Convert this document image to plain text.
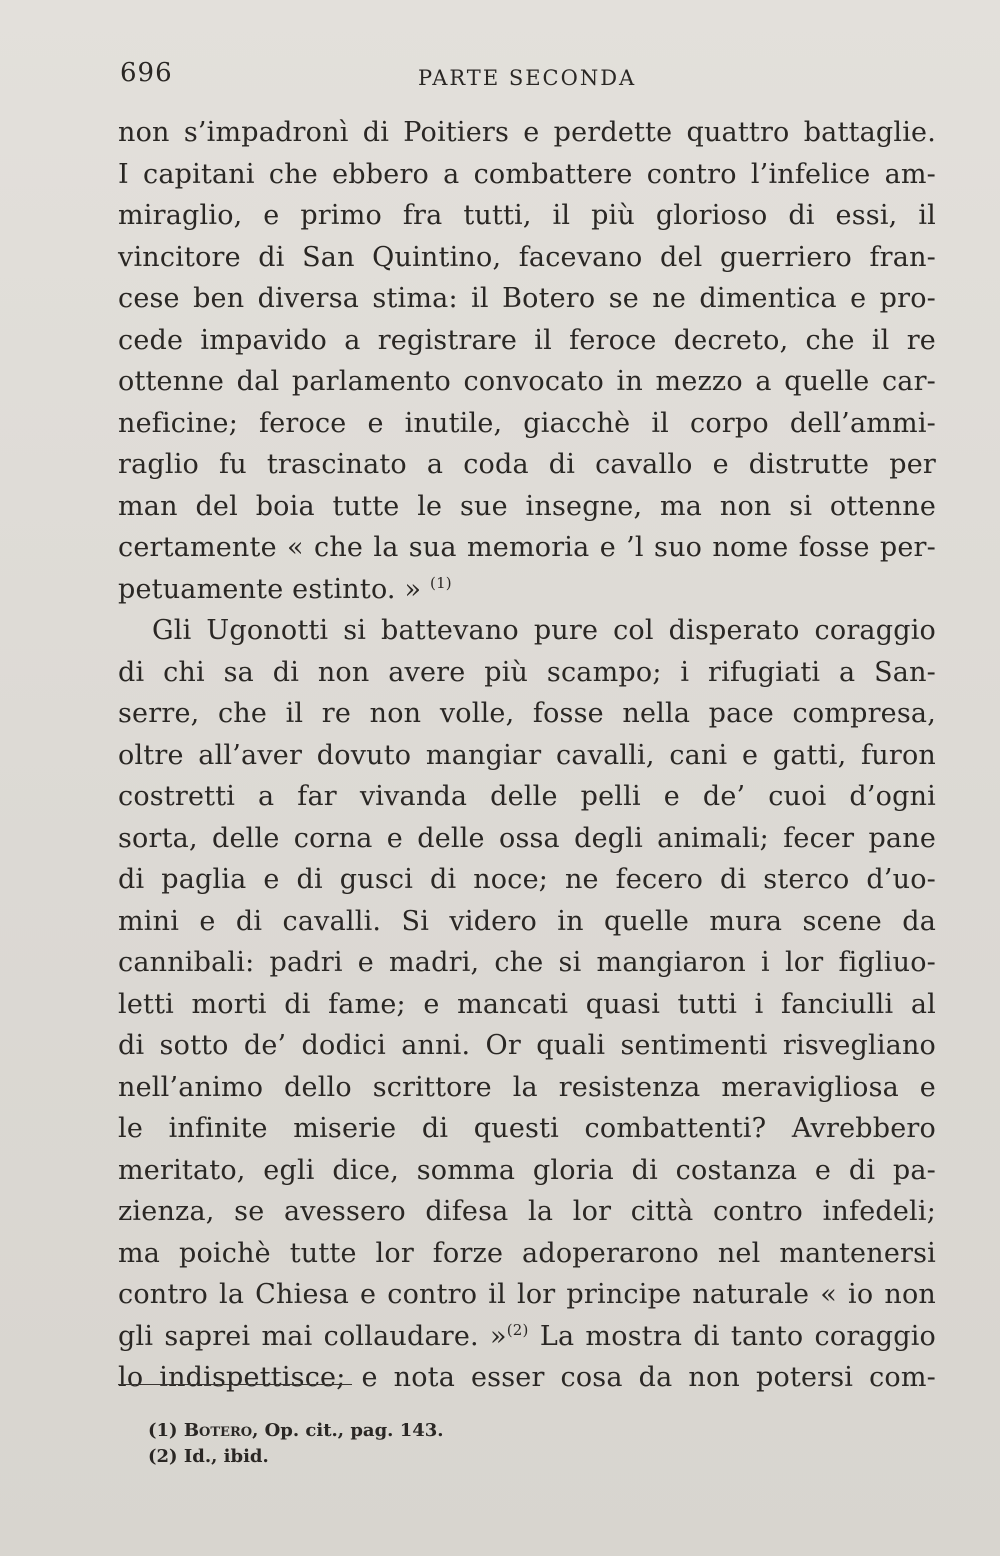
696	PARTE SECONDA
non s’impadronì di Poitiers e perdette quattro battaglie.
I capitani che ebbero a combattere contro l’infelice am-
miraglio, e primo fra tutti, il più glorioso di essi, il
vincitore di San Quintino, facevano del guerriero fran-
cese ben diversa stima: il Botero se ne dimentica e pro-
cede impavido a registrare il feroce decreto, che il re
ottenne dal parlamento convocato in mezzo a quelle car-
neficine; feroce e inutile, giacchè il corpo dell’ammi-
raglio fu trascinato a coda di cavallo e distrutte per
man del boia tutte le sue insegne, ma non si ottenne
certamente « che la sua memoria e ’l suo nome fosse per-
petuamente estinto. » $^{(1)}$
Gli Ugonotti si battevano pure col disperato coraggio
di chi sa di non avere più scampo; i rifugiati a San-
serre, che il re non volle, fosse nella pace compresa,
oltre all’aver dovuto mangiar cavalli, cani e gatti, furon
costretti a far vivanda delle pelli e de’ cuoi d’ogni
sorta, delle corna e delle ossa degli animali; fecer pane
di paglia e di gusci di noce; ne fecero di sterco d’uo-
mini e di cavalli. Si videro in quelle mura scene da
cannibali: padri e madri, che si mangiaron i lor figliuo-
letti morti di fame; e mancati quasi tutti i fanciulli al
di sotto de’ dodici anni. Or quali sentimenti risvegliano
nell’animo dello scrittore la resistenza meravigliosa e
le infinite miserie di questi combattenti? Avrebbero
meritato, egli dice, somma gloria di costanza e di pa-
zienza, se avessero difesa la lor città contro infedeli;
ma poichè tutte lor forze adoperarono nel mantenersi
contro la Chiesa e contro il lor principe naturale « io non
gli saprei mai collaudare. »$^{(2)}$ La mostra di tanto coraggio
lo indispettisce; e nota esser cosa da non potersi com-
(1) Botero, Op. cit., pag. 143.
(2) Id., ibid.
